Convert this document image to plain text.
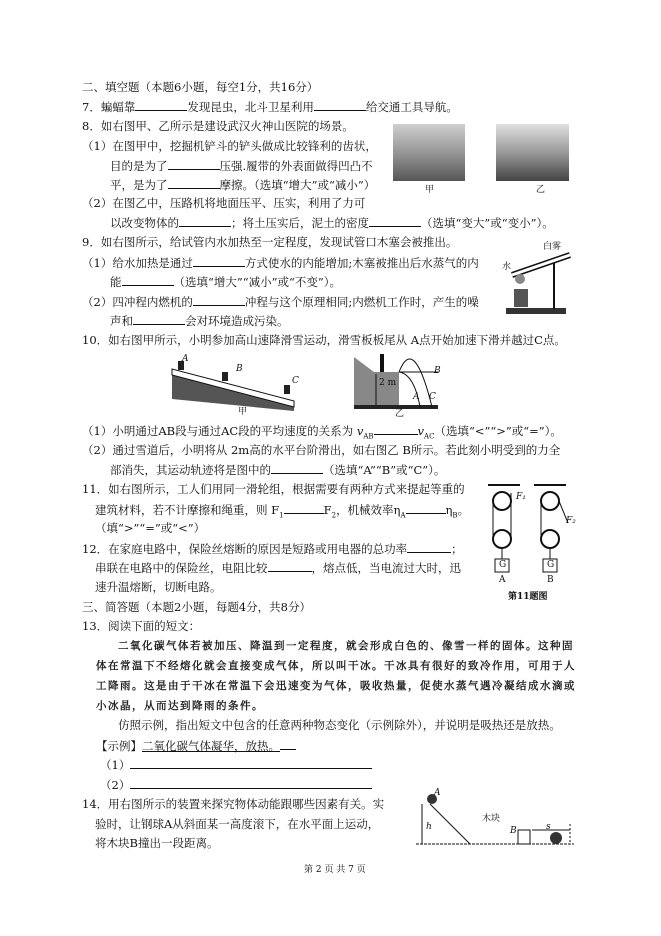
二、填空题（本题6小题，每空1分，共16分）
7．蝙蝠靠	发现昆虫，北斗卫星利用	给交通工具导航。
8．如右图甲、乙所示是建设武汉火神山医院的场景。
（1）在图甲中，挖掘机铲斗的铲头做成比较锋利的齿状，
目的是为了	压强.履带的外表面做得凹凸不
平，是为了	摩擦。（选填“增大”或“减小”）
（2）在图乙中，压路机将地面压平、压实，利用了力可
以改变物体的	；将土压实后，泥土的密度	（选填“变大”或“变小”）。
甲	乙
9．如右图所示，给试管内水加热至一定程度，发现试管口木塞会被推出。
（1）给水加热是通过	方式使水的内能增加;木塞被推出后水蒸气的内
能	（选填“增大”“减小”或“不变”）。
（2）四冲程内燃机的	冲程与这个原理相同;内燃机工作时，产生的噪
声和	会对环境造成污染。
水
白雾
10．如右图甲所示，小明参加高山速降滑雪运动，滑雪板板尾从 A点开始加速下滑并越过C点。
A
B
C
甲
2 m
B
A C
乙
（1）小明通过AB段与通过AC段的平均速度的关系为 $v_{AB}$	$v_{AC}$（选填“<”“>”或“=”）。
（2）通过雪道后，小明将从 2m高的水平台阶滑出，如右图乙 B所示。若此刻小明受到的力全
部消失，其运动轨迹将是图中的	（选填“A”“B”或“C”）。
11．如右图所示，工人们用同一滑轮组，根据需要有两种方式来提起等重的
建筑材料，若不计摩擦和绳重，则 $F_1$	$F_2$，机械效率$\eta_A$	$\eta_B$。
（填“>”“=”或“<”）
F₁
F₂
G	G
A	B
第11题图
12．在家庭电路中，保险丝熔断的原因是短路或用电器的总功率	；
串联在电路中的保险丝，电阻比较	，熔点低，当电流过大时，迅
速升温熔断，切断电路。
三、简答题（本题2小题，每题4分，共8分）
13．阅读下面的短文：
二氧化碳气体若被加压、降温到一定程度，就会形成白色的、像雪一样的固体。这种固
体在常温下不经熔化就会直接变成气体，所以叫干冰。干冰具有很好的致冷作用，可用于人
工降雨。这是由于干冰在常温下会迅速变为气体，吸收热量，促使水蒸气遇冷凝结成水滴或
小冰晶，从而达到降雨的条件。
仿照示例，指出短文中包含的任意两种物态变化（示例除外），并说明是吸热还是放热。
【示例】二氧化碳气体凝华，放热。
（1）
（2）
14．用右图所示的装置来探究物体动能跟哪些因素有关。实
验时，让钢球A从斜面某一高度滚下，在水平面上运动，
将木块B撞出一段距离。
A
h
木块
B	s
第 2 页 共 7 页
